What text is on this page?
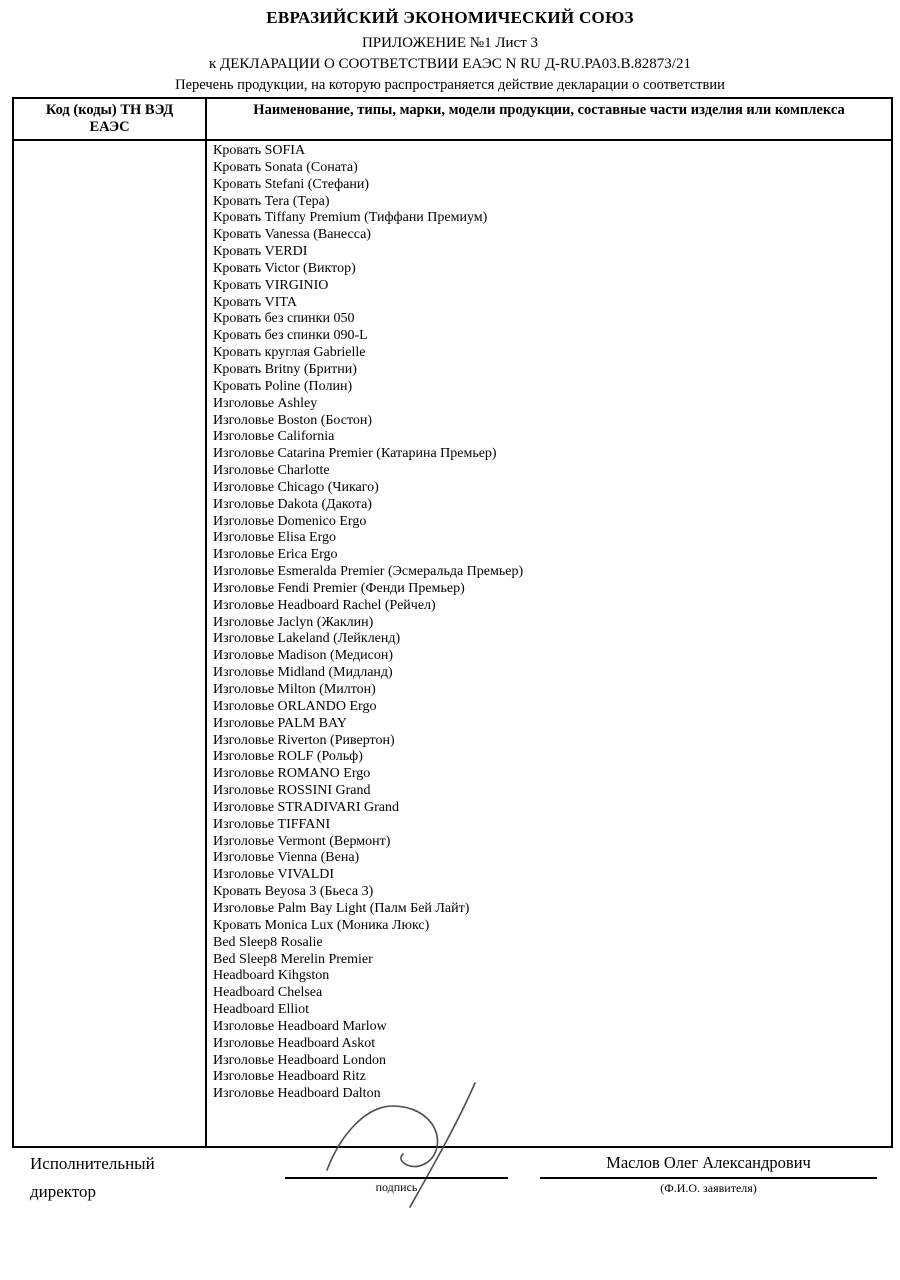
ЕВРАЗИЙСКИЙ ЭКОНОМИЧЕСКИЙ СОЮЗ
ПРИЛОЖЕНИЕ №1 Лист 3
к ДЕКЛАРАЦИИ О СООТВЕТСТВИИ ЕАЭС N RU Д-RU.РА03.В.82873/21
Перечень продукции, на которую распространяется действие декларации о соответствии
Код (коды) ТН ВЭД ЕАЭС
Наименование, типы, марки, модели продукции, составные части изделия или комплекса
Кровать SOFIA
Кровать Sonata (Соната)
Кровать Stefani (Стефани)
Кровать Tera (Тера)
Кровать Tiffany Premium (Тиффани Премиум)
Кровать Vanessa (Ванесса)
Кровать VERDI
Кровать Victor (Виктор)
Кровать VIRGINIO
Кровать VITA
Кровать без спинки 050
Кровать без спинки 090-L
Кровать круглая Gabrielle
Кровать Britny (Бритни)
Кровать Poline (Полин)
Изголовье Ashley
Изголовье Boston (Бостон)
Изголовье California
Изголовье Catarina Premier (Катарина Премьер)
Изголовье Charlotte
Изголовье Chicago (Чикаго)
Изголовье Dakota (Дакота)
Изголовье Domenico Ergo
Изголовье Elisa Ergo
Изголовье Erica Ergo
Изголовье Esmeralda Premier (Эсмеральда Премьер)
Изголовье Fendi Premier (Фенди Премьер)
Изголовье Headboard Rachel (Рейчел)
Изголовье Jaclyn (Жаклин)
Изголовье Lakeland (Лейкленд)
Изголовье Madison (Медисон)
Изголовье Midland (Мидланд)
Изголовье Milton (Милтон)
Изголовье ORLANDO Ergo
Изголовье PALM BAY
Изголовье Riverton (Ривертон)
Изголовье ROLF (Рольф)
Изголовье ROMANO Ergo
Изголовье ROSSINI Grand
Изголовье STRADIVARI Grand
Изголовье TIFFANI
Изголовье Vermont (Вермонт)
Изголовье Vienna (Вена)
Изголовье VIVALDI
Кровать Beyosa 3 (Бьеса 3)
Изголовье Palm Bay Light (Палм Бей Лайт)
Кровать Monica Lux (Моника Люкс)
Bed Sleep8 Rosalie
Bed Sleep8 Merelin Premier
Headboard Kihgston
Headboard Chelsea
Headboard Elliot
Изголовье Headboard Marlow
Изголовье Headboard Askot
Изголовье Headboard London
Изголовье Headboard Ritz
Изголовье Headboard Dalton
Исполнительный директор	подпись
Маслов Олег Александрович
(Ф.И.О. заявителя)
